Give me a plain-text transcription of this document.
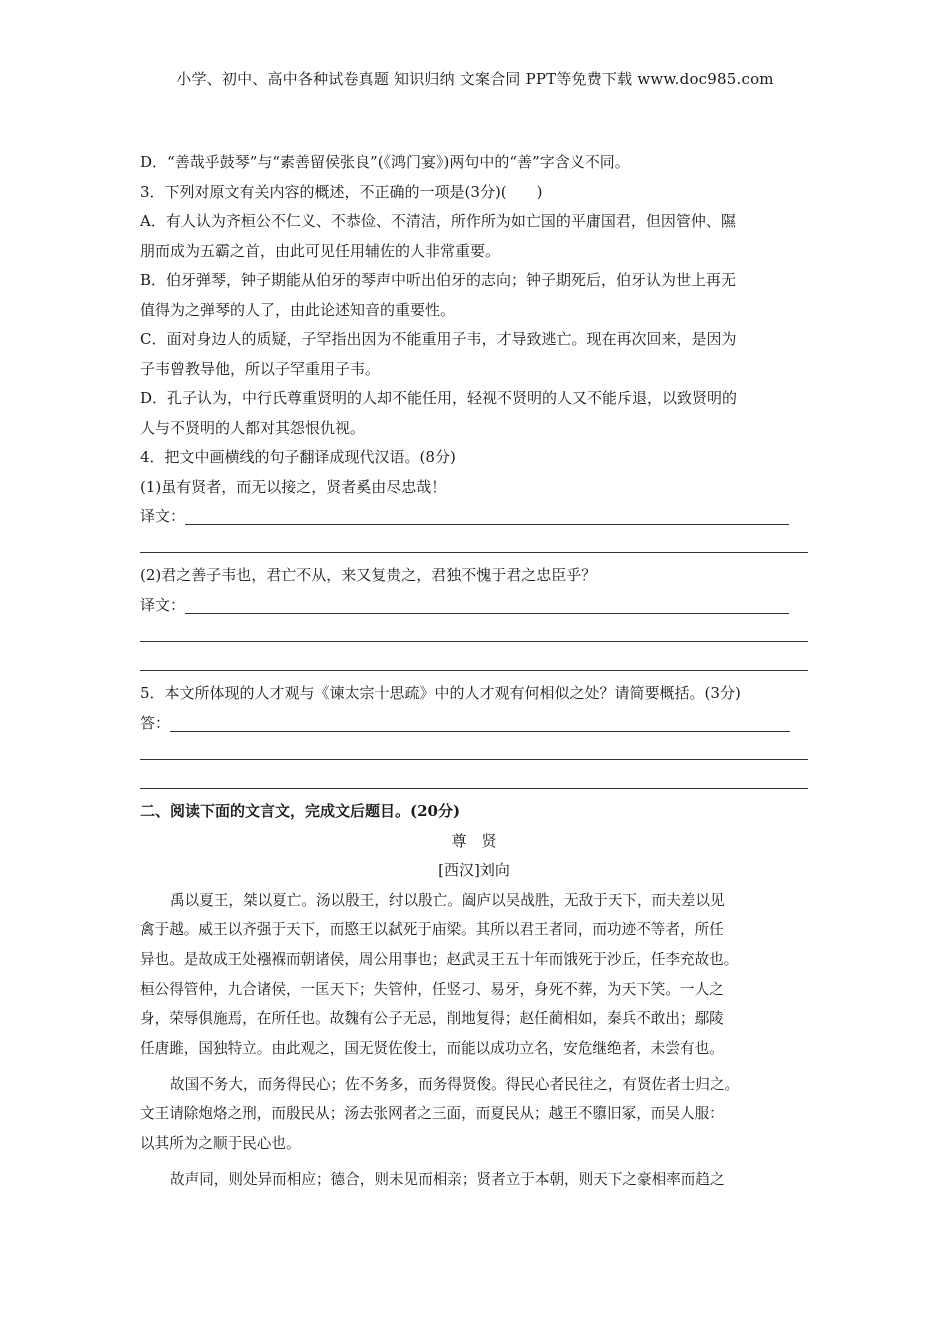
小学、初中、高中各种试卷真题 知识归纳 文案合同 PPT等免费下载 www.doc985.com
D．“善哉乎鼓琴”与“素善留侯张良”(《鸿门宴》)两句中的“善”字含义不同。
3．下列对原文有关内容的概述，不正确的一项是(3分)(　　)
A．有人认为齐桓公不仁义、不恭俭、不清洁，所作所为如亡国的平庸国君，但因管仲、隰
朋而成为五霸之首，由此可见任用辅佐的人非常重要。
B．伯牙弹琴，钟子期能从伯牙的琴声中听出伯牙的志向；钟子期死后，伯牙认为世上再无
值得为之弹琴的人了，由此论述知音的重要性。
C．面对身边人的质疑，子罕指出因为不能重用子韦，才导致逃亡。现在再次回来，是因为
子韦曾教导他，所以子罕重用子韦。
D．孔子认为，中行氏尊重贤明的人却不能任用，轻视不贤明的人又不能斥退，以致贤明的
人与不贤明的人都对其怨恨仇视。
4．把文中画横线的句子翻译成现代汉语。(8分)
(1)虽有贤者，而无以接之，贤者奚由尽忠哉！
译文：
(2)君之善子韦也，君亡不从，来又复贵之，君独不愧于君之忠臣乎？
译文：
5．本文所体现的人才观与《谏太宗十思疏》中的人才观有何相似之处？请简要概括。(3分)
答：
二、阅读下面的文言文，完成文后题目。(20分)
尊　贤
[西汉]刘向
禹以夏王，桀以夏亡。汤以殷王，纣以殷亡。阖庐以吴战胜，无敌于天下，而夫差以见
禽于越。威王以齐强于天下，而愍王以弑死于庙梁。其所以君王者同，而功迹不等者，所任
异也。是故成王处襁褓而朝诸侯，周公用事也；赵武灵王五十年而饿死于沙丘，任李充故也。
桓公得管仲，九合诸侯，一匡天下；失管仲，任竖刁、易牙，身死不葬，为天下笑。一人之
身，荣辱俱施焉，在所任也。故魏有公子无忌，削地复得；赵任蔺相如，秦兵不敢出；鄢陵
任唐雎，国独特立。由此观之，国无贤佐俊士，而能以成功立名，安危继绝者，未尝有也。
故国不务大，而务得民心；佐不务多，而务得贤俊。得民心者民往之，有贤佐者士归之。
文王请除炮烙之刑，而殷民从；汤去张网者之三面，而夏民从；越王不隳旧冢，而吴人服：
以其所为之顺于民心也。
故声同，则处异而相应；德合，则未见而相亲；贤者立于本朝，则天下之豪相率而趋之
